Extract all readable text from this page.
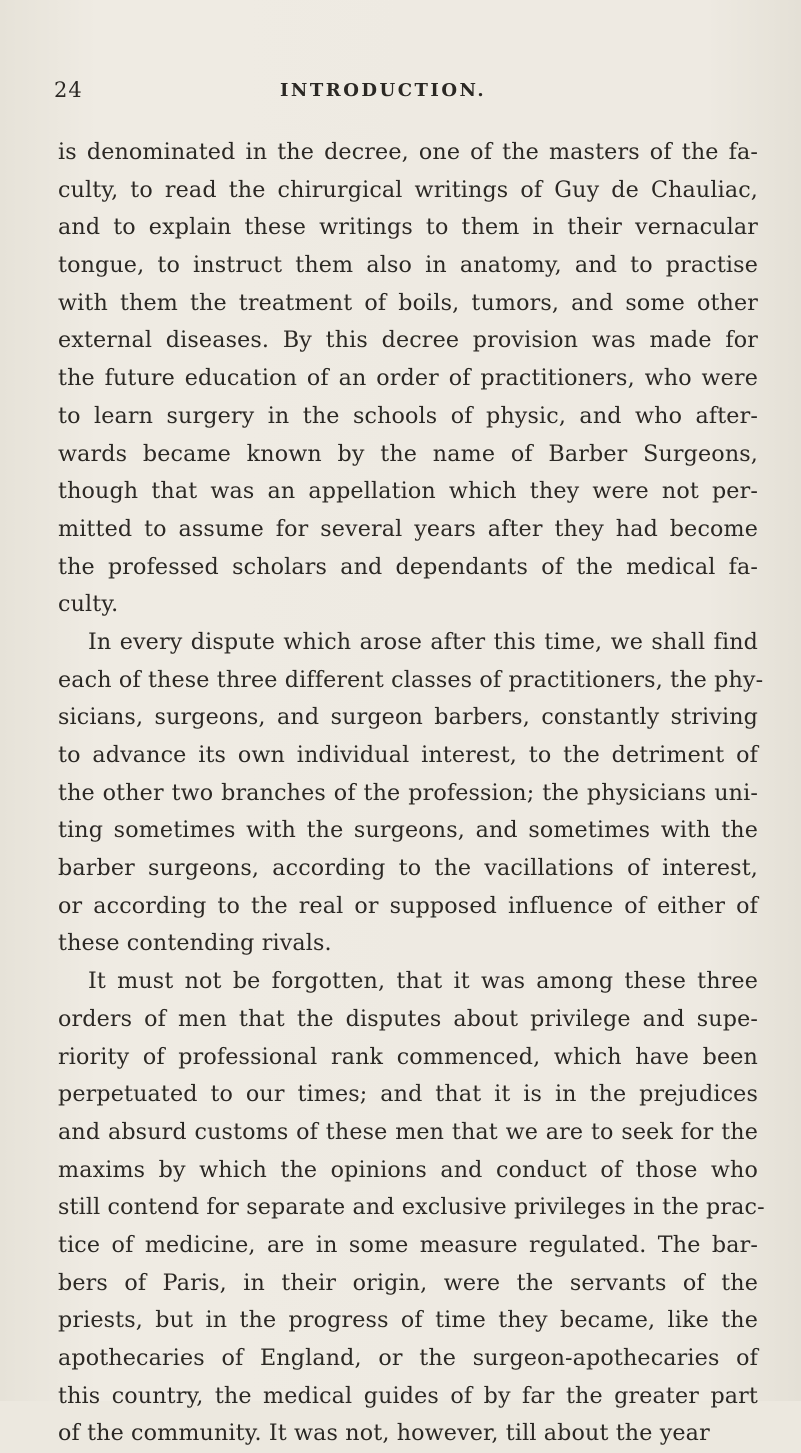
24	INTRODUCTION.
is denominated in the decree, one of the masters of the fa-
culty, to read the chirurgical writings of Guy de Chauliac,
and to explain these writings to them in their vernacular
tongue, to instruct them also in anatomy, and to practise
with them the treatment of boils, tumors, and some other
external diseases. By this decree provision was made for
the future education of an order of practitioners, who were
to learn surgery in the schools of physic, and who after-
wards became known by the name of Barber Surgeons,
though that was an appellation which they were not per-
mitted to assume for several years after they had become
the professed scholars and dependants of the medical fa-
culty.
In every dispute which arose after this time, we shall find
each of these three different classes of practitioners, the phy-
sicians, surgeons, and surgeon barbers, constantly striving
to advance its own individual interest, to the detriment of
the other two branches of the profession; the physicians uni-
ting sometimes with the surgeons, and sometimes with the
barber surgeons, according to the vacillations of interest,
or according to the real or supposed influence of either of
these contending rivals.
It must not be forgotten, that it was among these three
orders of men that the disputes about privilege and supe-
riority of professional rank commenced, which have been
perpetuated to our times; and that it is in the prejudices
and absurd customs of these men that we are to seek for the
maxims by which the opinions and conduct of those who
still contend for separate and exclusive privileges in the prac-
tice of medicine, are in some measure regulated. The bar-
bers of Paris, in their origin, were the servants of the
priests, but in the progress of time they became, like the
apothecaries of England, or the surgeon-apothecaries of
this country, the medical guides of by far the greater part
of the community. It was not, however, till about the year
